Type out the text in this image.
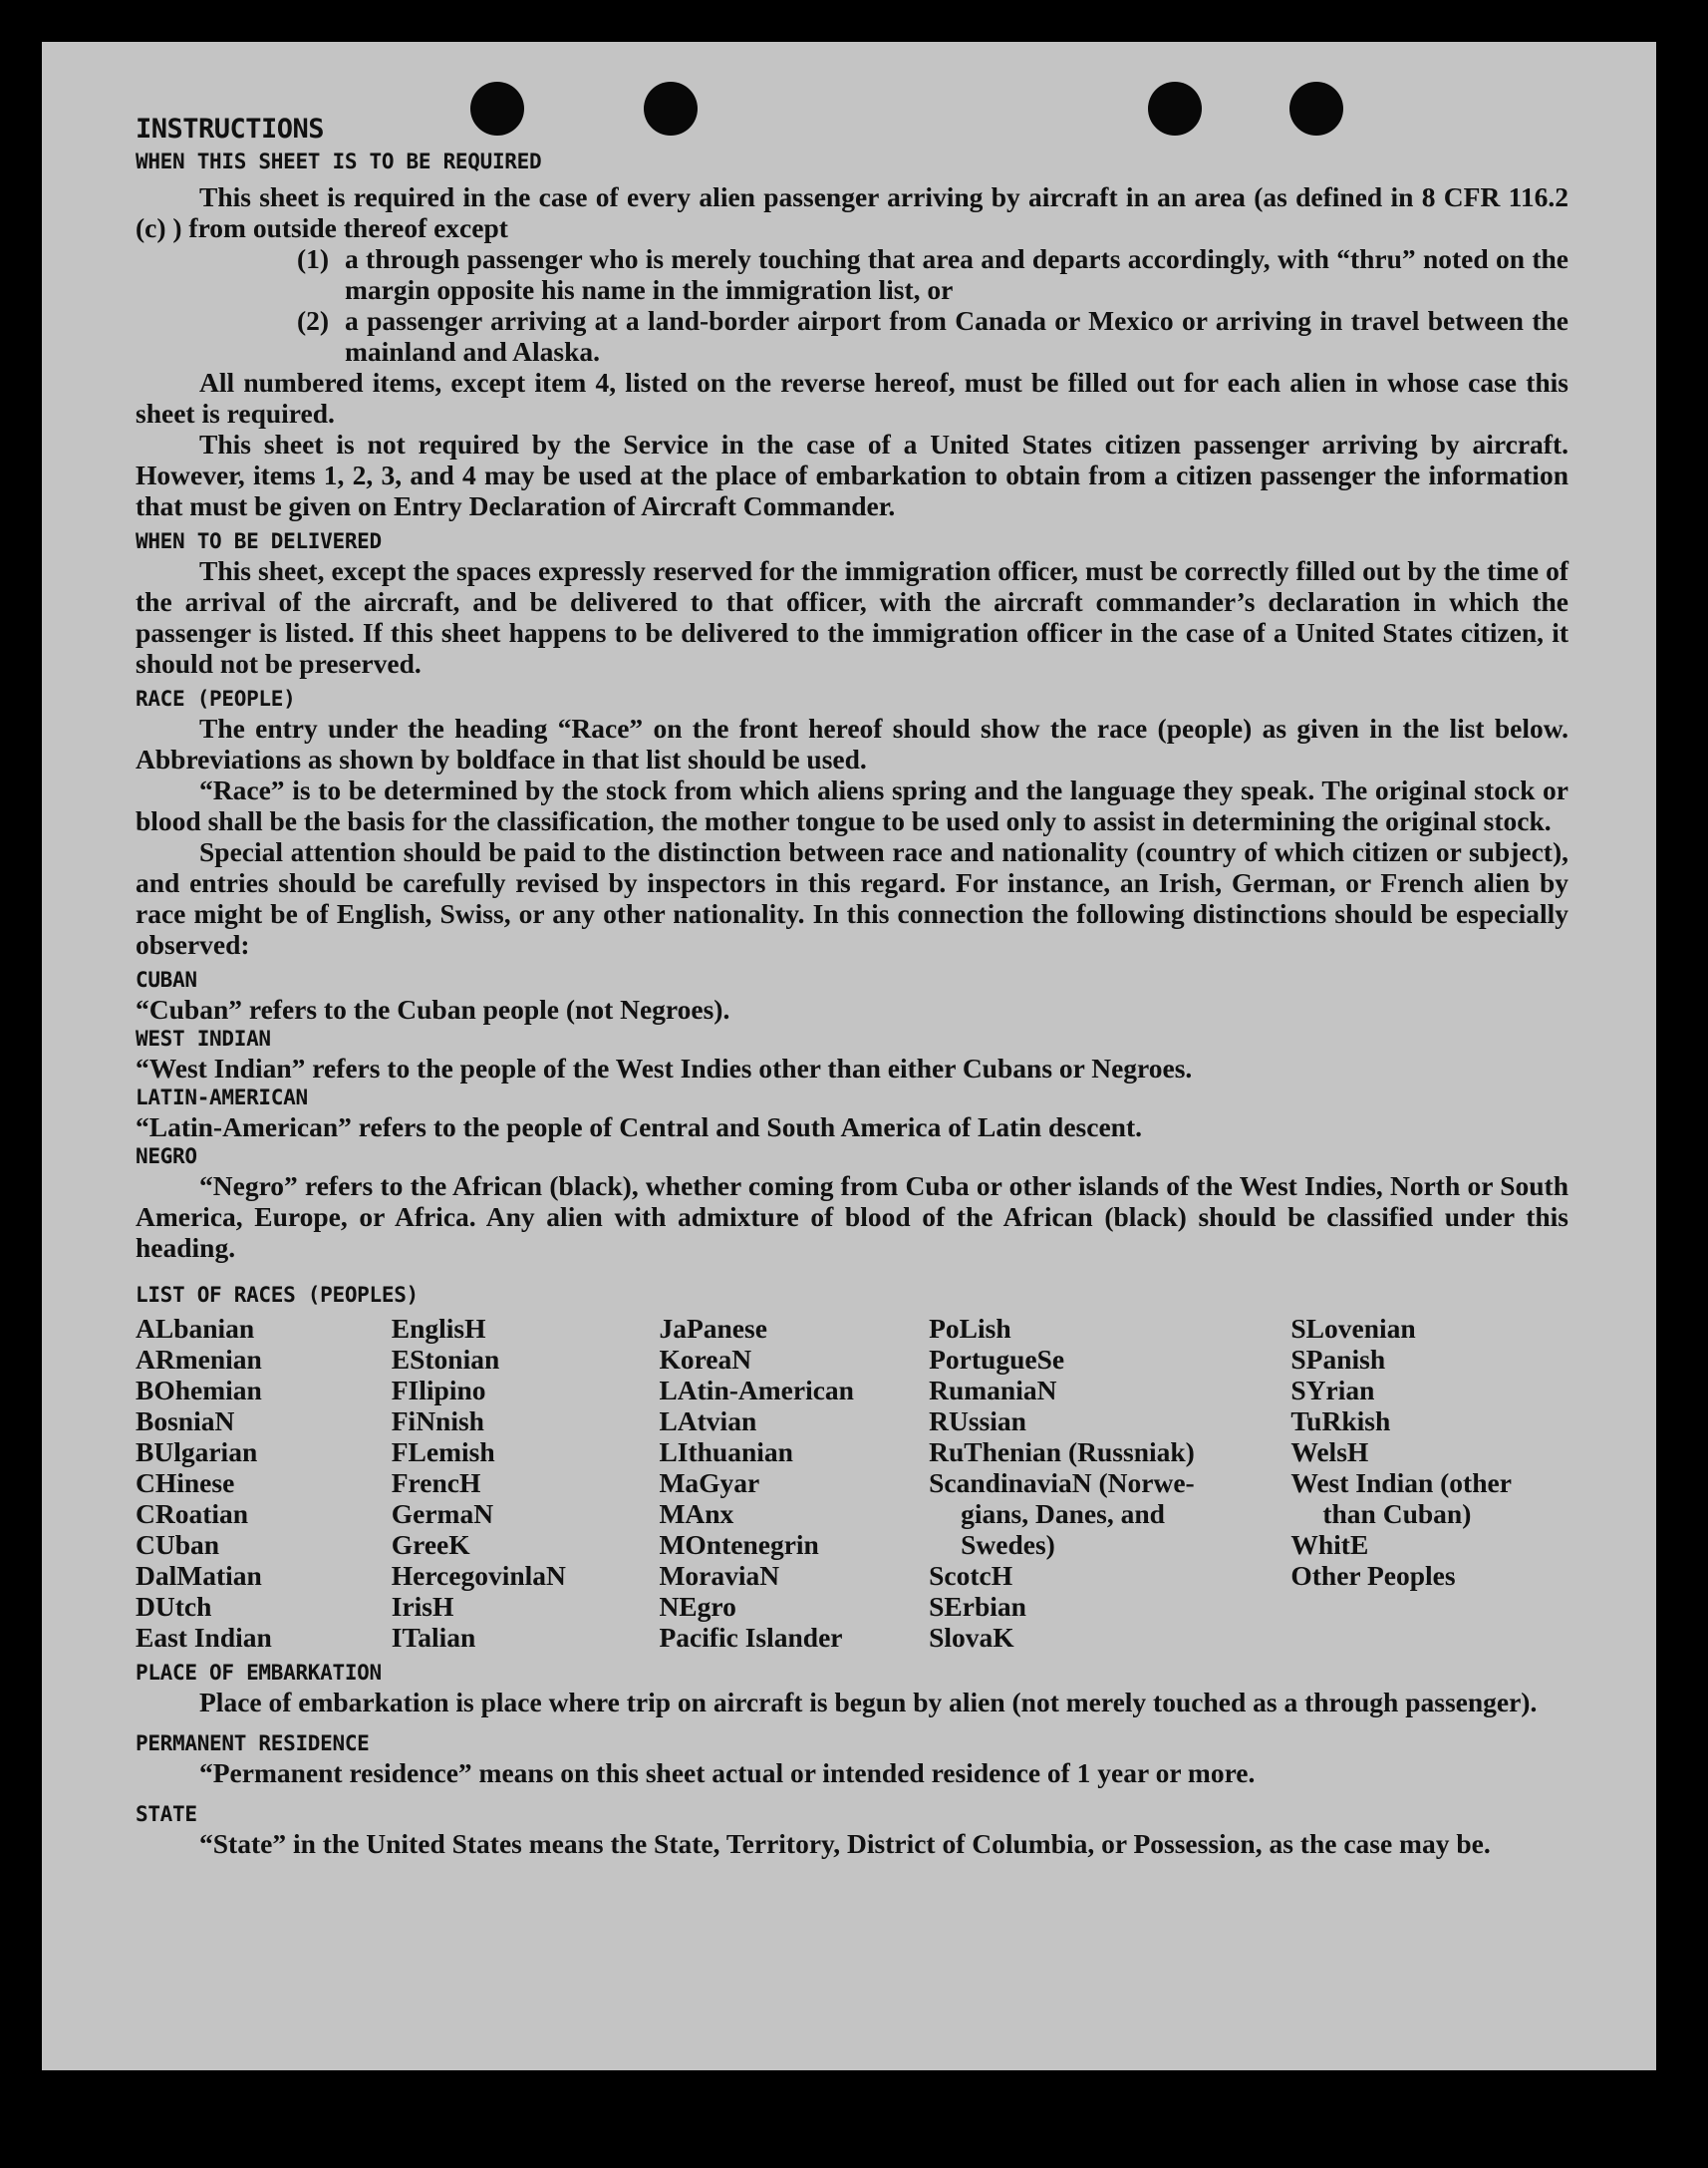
INSTRUCTIONS

WHEN THIS SHEET IS TO BE REQUIRED

This sheet is required in the case of every alien passenger arriving by aircraft in an area (as defined in 8 CFR 116.2 (c) ) from outside thereof except

(1) a through passenger who is merely touching that area and departs accordingly, with “thru” noted on the margin opposite his name in the immigration list, or
(2) a passenger arriving at a land-border airport from Canada or Mexico or arriving in travel between the mainland and Alaska.

All numbered items, except item 4, listed on the reverse hereof, must be filled out for each alien in whose case this sheet is required.

This sheet is not required by the Service in the case of a United States citizen passenger arriving by aircraft. However, items 1, 2, 3, and 4 may be used at the place of embarkation to obtain from a citizen passenger the information that must be given on Entry Declaration of Aircraft Commander.

WHEN TO BE DELIVERED

This sheet, except the spaces expressly reserved for the immigration officer, must be correctly filled out by the time of the arrival of the aircraft, and be delivered to that officer, with the aircraft commander’s declaration in which the passenger is listed. If this sheet happens to be delivered to the immigration officer in the case of a United States citizen, it should not be preserved.

RACE (PEOPLE)

The entry under the heading “Race” on the front hereof should show the race (people) as given in the list below. Abbreviations as shown by boldface in that list should be used.

“Race” is to be determined by the stock from which aliens spring and the language they speak. The original stock or blood shall be the basis for the classification, the mother tongue to be used only to assist in determining the original stock.

Special attention should be paid to the distinction between race and nationality (country of which citizen or subject), and entries should be carefully revised by inspectors in this regard. For instance, an Irish, German, or French alien by race might be of English, Swiss, or any other nationality. In this connection the following distinctions should be especially observed:

CUBAN

“Cuban” refers to the Cuban people (not Negroes).

WEST INDIAN

“West Indian” refers to the people of the West Indies other than either Cubans or Negroes.

LATIN-AMERICAN

“Latin-American” refers to the people of Central and South America of Latin descent.

NEGRO

“Negro” refers to the African (black), whether coming from Cuba or other islands of the West Indies, North or South America, Europe, or Africa. Any alien with admixture of blood of the African (black) should be classified under this heading.

LIST OF RACES (PEOPLES)

ALbanian
ARmenian
BOhemian
BosniaN
BUlgarian
CHinese
CRoatian
CUban
DalMatian
DUtch
East Indian
EnglisH
EStonian
FIlipino
FiNnish
FLemish
FrencH
GermaN
GreeK
HercegovinlaN
IrisH
ITalian
JaPanese
KoreaN
LAtin-American
LAtvian
LIthuanian
MaGyar
MAnx
MOntenegrin
MoraviaN
NEgro
Pacific Islander
PoLish
PortugueSe
RumaniaN
RUssian
RuThenian (Russniak)
ScandinaviaN (Norwe-
gians, Danes, and
Swedes)
ScotcH
SErbian
SlovaK
SLovenian
SPanish
SYrian
TuRkish
WelsH
West Indian (other
than Cuban)
WhitE
Other Peoples

PLACE OF EMBARKATION

Place of embarkation is place where trip on aircraft is begun by alien (not merely touched as a through passenger).

PERMANENT RESIDENCE

“Permanent residence” means on this sheet actual or intended residence of 1 year or more.

STATE

“State” in the United States means the State, Territory, District of Columbia, or Possession, as the case may be.
